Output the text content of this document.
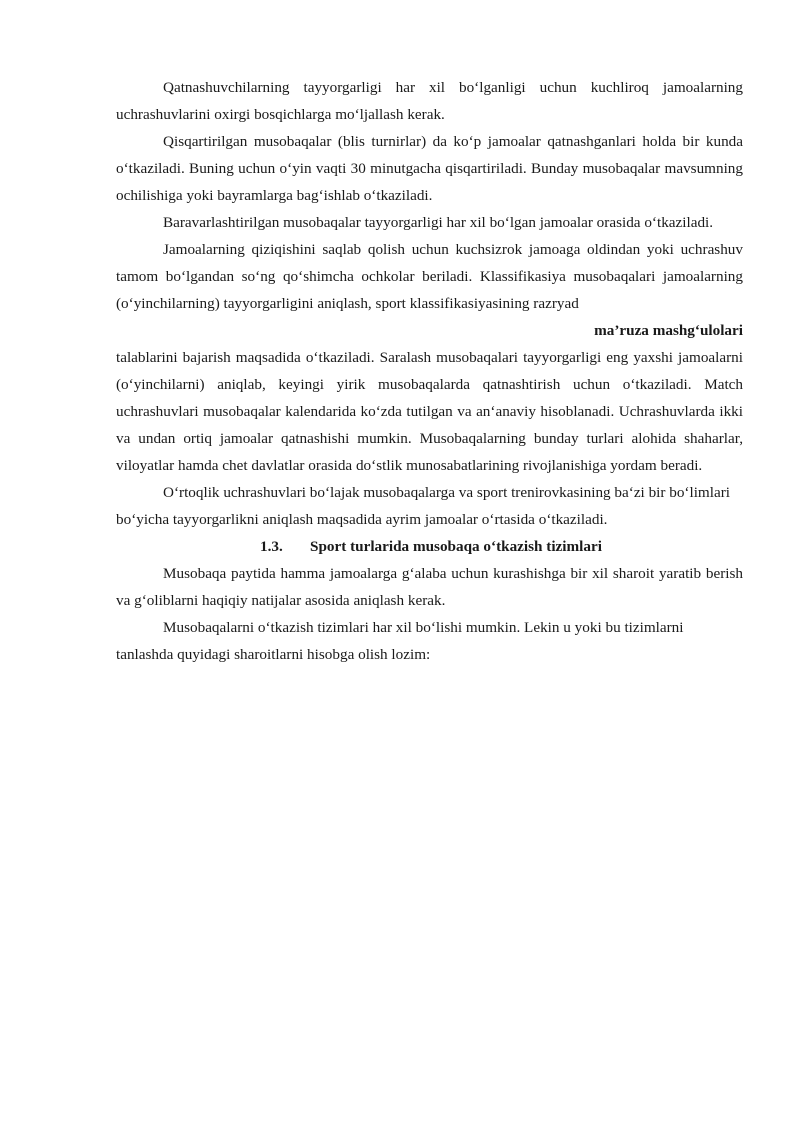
Qatnashuvchilarning tayyorgarligi har xil bo‘lganligi uchun kuchliroq jamoalarning uchrashuvlarini oxirgi bosqichlarga mo‘ljallash kerak.

Qisqartirilgan musobaqalar (blis turnirlar) da ko‘p jamoalar qatnashganlari holda bir kunda o‘tkaziladi. Buning uchun o‘yin vaqti 30 minutgacha qisqartiriladi. Bunday musobaqalar mavsumning ochilishiga yoki bayramlarga bag‘ishlab o‘tkaziladi.

Baravarlashtirilgan musobaqalar tayyorgarligi har xil bo‘lgan jamoalar orasida o‘tkaziladi.

Jamoalarning qiziqishini saqlab qolish uchun kuchsizrok jamoaga oldindan yoki uchrashuv tamom bo‘lgandan so‘ng qo‘shimcha ochkolar beriladi. Klassifikasiya musobaqalari jamoalarning (o‘yinchilarning) tayyorgarligini aniqlash, sport klassifikasiyasining razryad

ma’ruza mashg‘ulolari

talablarini bajarish maqsadida o‘tkaziladi. Saralash musobaqalari tayyorgarligi eng yaxshi jamoalarni (o‘yinchilarni) aniqlab, keyingi yirik musobaqalarda qatnashtirish uchun o‘tkaziladi. Match uchrashuvlari musobaqalar kalendarida ko‘zda tutilgan va an‘anaviy hisoblanadi. Uchrashuvlarda ikki va undan ortiq jamoalar qatnashishi mumkin. Musobaqalarning bunday turlari alohida shaharlar, viloyatlar hamda chet davlatlar orasida do‘stlik munosabatlarining rivojlanishiga yordam beradi.

O‘rtoqlik uchrashuvlari bo‘lajak musobaqalarga va sport trenirovkasining ba‘zi bir bo‘limlari bo‘yicha tayyorgarlikni aniqlash maqsadida ayrim jamoalar o‘rtasida o‘tkaziladi.

1.3. Sport turlarida musobaqa o‘tkazish tizimlari

Musobaqa paytida hamma jamoalarga g‘alaba uchun kurashishga bir xil sharoit yaratib berish va g‘oliblarni haqiqiy natijalar asosida aniqlash kerak.

Musobaqalarni o‘tkazish tizimlari har xil bo‘lishi mumkin. Lekin u yoki bu tizimlarni tanlashda quyidagi sharoitlarni hisobga olish lozim:
